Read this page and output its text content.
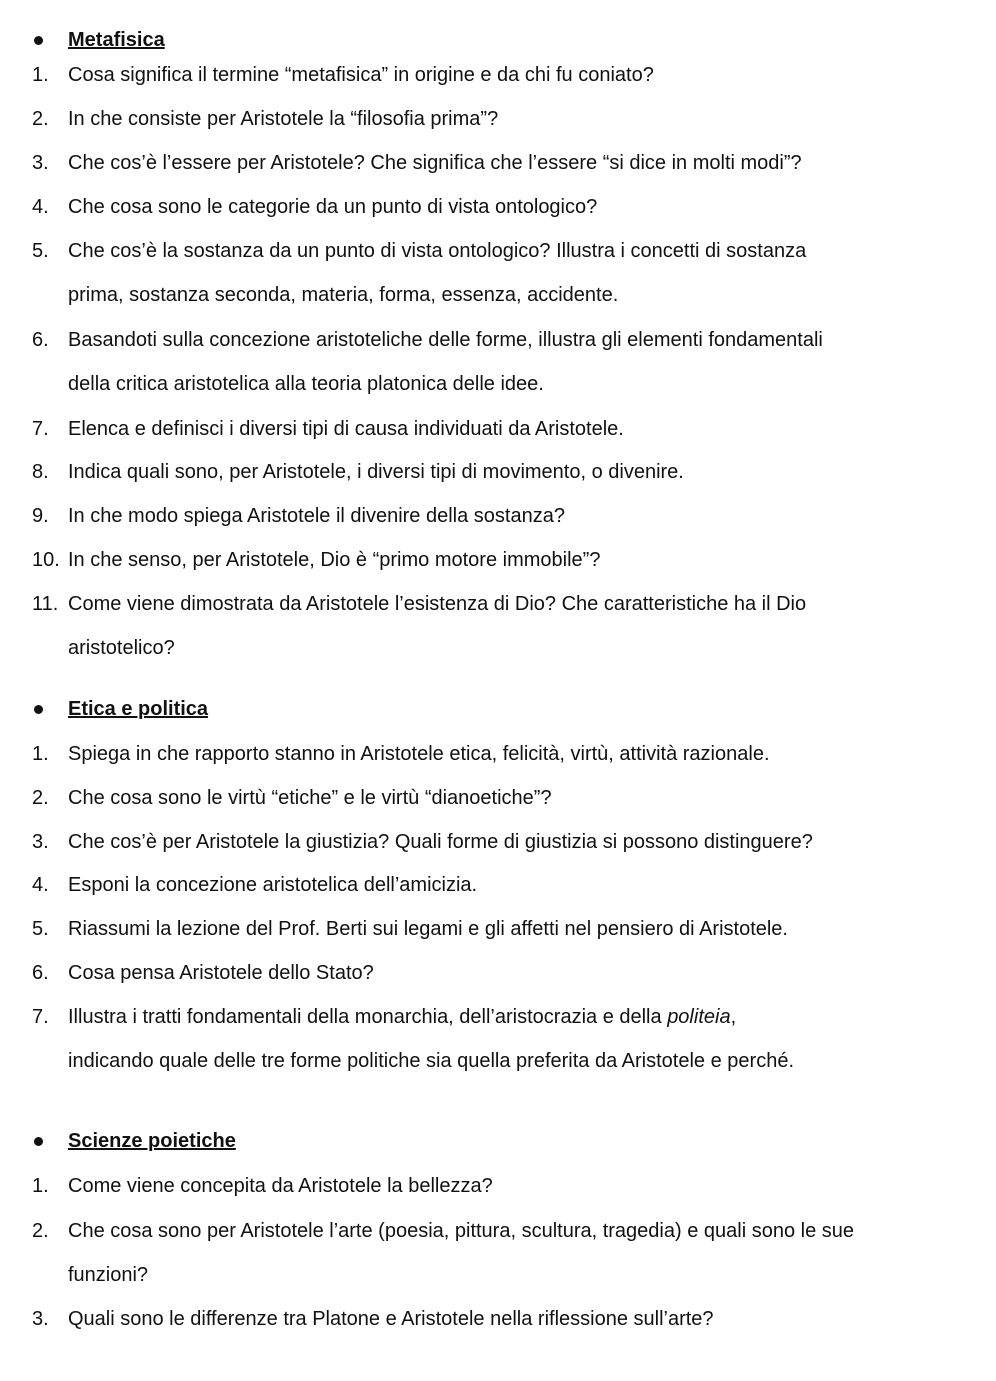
Metafisica
1. Cosa significa il termine “metafisica” in origine e da chi fu coniato?
2. In che consiste per Aristotele la “filosofia prima”?
3. Che cos’è l’essere per Aristotele? Che significa che l’essere “si dice in molti modi”?
4. Che cosa sono le categorie da un punto di vista ontologico?
5. Che cos’è la sostanza da un punto di vista ontologico? Illustra i concetti di sostanza
prima, sostanza seconda, materia, forma, essenza, accidente.
6. Basandoti sulla concezione aristoteliche delle forme, illustra gli elementi fondamentali
della critica aristotelica alla teoria platonica delle idee.
7. Elenca e definisci i diversi tipi di causa individuati da Aristotele.
8. Indica quali sono, per Aristotele, i diversi tipi di movimento, o divenire.
9. In che modo spiega Aristotele il divenire della sostanza?
10. In che senso, per Aristotele, Dio è “primo motore immobile”?
11. Come viene dimostrata da Aristotele l’esistenza di Dio? Che caratteristiche ha il Dio
aristotelico?
Etica e politica
1. Spiega in che rapporto stanno in Aristotele etica, felicità, virtù, attività razionale.
2. Che cosa sono le virtù “etiche” e le virtù “dianoetiche”?
3. Che cos’è per Aristotele la giustizia? Quali forme di giustizia si possono distinguere?
4. Esponi la concezione aristotelica dell’amicizia.
5. Riassumi la lezione del Prof. Berti sui legami e gli affetti nel pensiero di Aristotele.
6. Cosa pensa Aristotele dello Stato?
7. Illustra i tratti fondamentali della monarchia, dell’aristocrazia e della politeia,
indicando quale delle tre forme politiche sia quella preferita da Aristotele e perché.
Scienze poietiche
1. Come viene concepita da Aristotele la bellezza?
2. Che cosa sono per Aristotele l’arte (poesia, pittura, scultura, tragedia) e quali sono le sue
funzioni?
3. Quali sono le differenze tra Platone e Aristotele nella riflessione sull’arte?
